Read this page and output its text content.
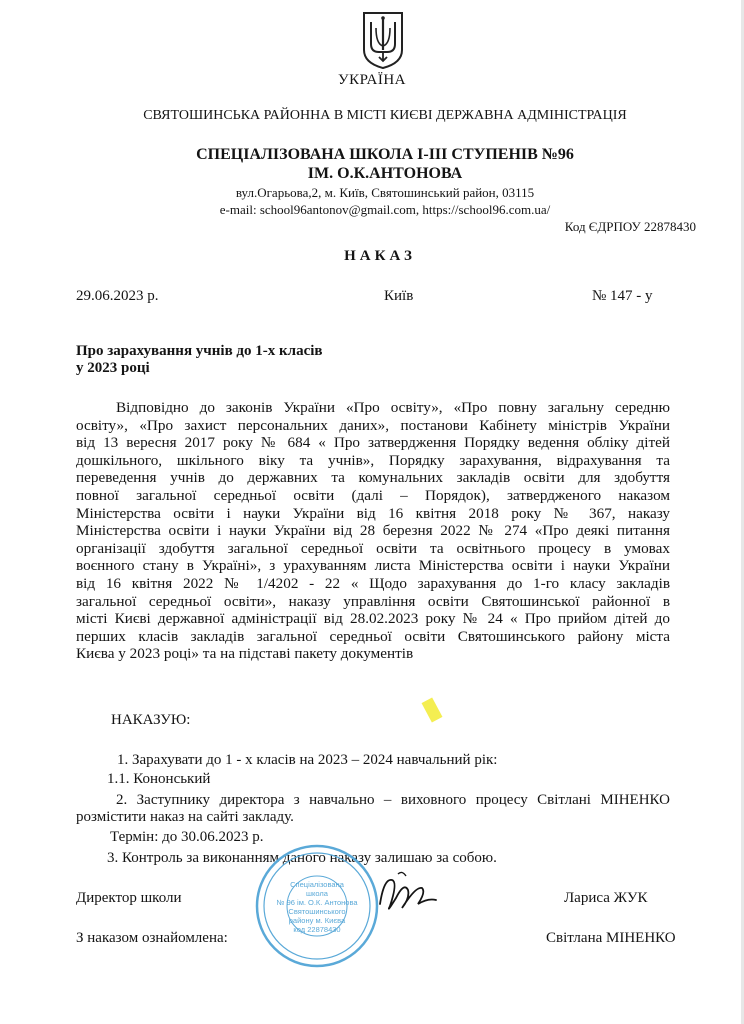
УКРАЇНА

СВЯТОШИНСЬКА РАЙОННА В МІСТІ КИЄВІ ДЕРЖАВНА АДМІНІСТРАЦІЯ

СПЕЦІАЛІЗОВАНА ШКОЛА І-ІІІ СТУПЕНІВ №96

ІМ. О.К.АНТОНОВА

вул.Огарьова,2, м. Київ, Святошинський район, 03115

e-mail: school96antonov@gmail.com, https://school96.com.ua/

Код ЄДРПОУ 22878430

НАКАЗ

29.06.2023 р.	Київ	№ 147 - у

Про зарахування учнів до 1-х класів

у 2023 році

Відповідно до законів України «Про освіту», «Про повну загальну середню
освіту», «Про захист персональних даних», постанови Кабінету міністрів України
від 13 вересня 2017 року № 684 « Про затвердження Порядку ведення обліку дітей
дошкільного, шкільного віку та учнів», Порядку зарахування, відрахування та
переведення учнів до державних та комунальних закладів освіти для здобуття
повної загальної середньої освіти (далі – Порядок), затвердженого наказом
Міністерства освіти і науки України від 16 квітня 2018 року № 367, наказу
Міністерства освіти і науки України від 28 березня 2022 № 274 «Про деякі питання
організації здобуття загальної середньої освіти та освітнього процесу в умовах
воєнного стану в Україні», з урахуванням листа Міністерства освіти і науки України
від 16 квітня 2022 № 1/4202 - 22 « Щодо зарахування до 1-го класу закладів
загальної середньої освіти», наказу управління освіти Святошинської районної в
місті Києві державної адміністрації від 28.02.2023 року № 24 « Про прийом дітей до
перших класів закладів загальної середньої освіти Святошинського району міста
Києва у 2023 році» та на підставі пакету документів

НАКАЗУЮ:

1. Зарахувати до 1 - х класів на 2023 – 2024 навчальний рік:

1.1. Кононський

2. Заступнику директора з навчально – виховного процесу Світлані МІНЕНКО

розмістити наказ на сайті закладу.

Термін: до 30.06.2023 р.

3. Контроль за виконанням даного наказу залишаю за собою.

Спеціалізована
школа
№ 96 ім. О.К. Антонова
Святошинського
району м. Києва
код 22878430

Директор школи	Лариса ЖУК

З наказом ознайомлена:	Світлана МІНЕНКО
